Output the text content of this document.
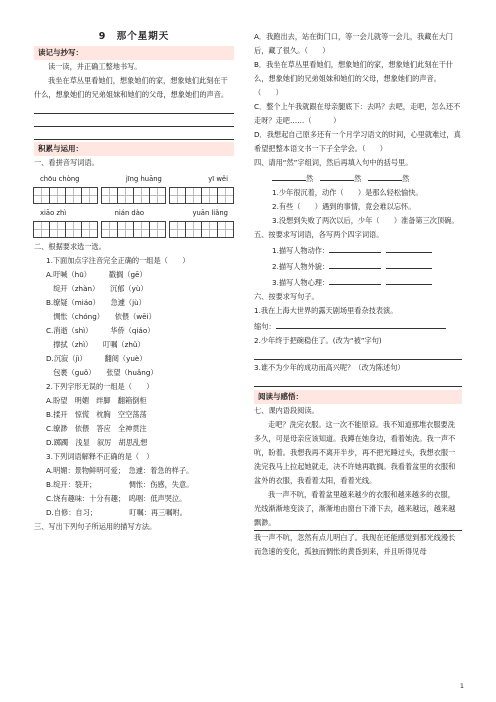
9　那个星期天
读记与抄写：
读一读，并正确工整地书写。
我坐在草丛里看她们，想象她们的家，想象她们此刻在干什么，想象她们的兄弟姐妹和她们的父母，想象她们的声音。
积累与运用：
一、看拼音写词语。
chōu chòng	jīng huāng	yī wěi
xiāo zhì	nián dào	yuān liǎng
二、根据要求选一选。
1.下面加点字注音完全正确的一组是（　　）
A.吁喊（hū）　　　戳搁（gē）
　绽开（zhàn）　　沉郁（yù）
B.缭疑（miáo）　　急遽（jù）
　惆怅（chóng）　　依偎（wēi）
C.消逝（shì）　　　华侨（qiáo）
　撑拭（zhì）　　叮嘱（zhǔ）
D.沉寂（jì）　　　翻阅（yuè）
　包裹（guǒ）　　张望（huǎng）
2.下列字形无误的一组是（　　）
A.盼望　明媚　绊脚　翻箱倒柜
B.揉开　惊慌　枕胸　空空荡荡
C.缭渺　依偎　答应　全神贯注
D.踯躅　浅显　叙厉　胡思乱想
3.下列词语解释不正确的是（　）
A.明媚：景物鲜明可爱；　急遽：着急的样子。
B.绽开：裂开；　　　　　惆怅：伤感，失意。
C.饶有趣味：十分有趣；　呜咽：低声哭泣。
D.自修：自习；　　　　　叮嘱：再三嘱咐。
三、写出下列句子所运用的描写方法。
A．我跑出去，站在街门口，等一会儿就等一会儿，我藏在大门后，藏了很久。（　　）
B．我坐在草丛里看她们，想象她们的家，想象她们此刻在干什么，想象她们的兄弟姐妹和她们的父母，想象她们的声音。（　　）
C．整个上午我就跟在母亲腿底下：去吗？去吧，走吧，怎么还不走呀？走吧……（　　　）
D．我想起自己原多还有一个月学习语文的时间，心里就难过，真希望把整本语文书一下子全学会。（　　）
四、请用“然”字组词，然后再填入句中的括号里。
然	然	然
1.少年很沉着，动作（　　）是那么轻松愉快。
2.有些（　　）遇到的事情，竟会难以忘怀。
3.没想到失败了两次以后，少年（　　）准备第三次顶碗。
五、按要求写词语，各写两个四字词语。
1.描写人物动作：
2.描写人物外貌：
3.描写人物心理：
六、按要求写句子。
1.我在上海大世界的露天剧场里看杂技表演。
缩句：
2.少年终于把碗稳住了。(改为“被”字句)
3.谁不为少年的成功而高兴呢？（改为陈述句）
阅读与感悟：
七、课内语段阅读。
走吧？洗完衣服。这一次不能原谅。我不知道那堆衣服要洗多久，可是母亲应该知道。我蹲在她身边，看着她洗。我一声不吭，盼着。我想我再不离开半步，再不把光睡过头，我想衣服一洗完我马上拉起她就走，决不许她再耽搁。我看着盆里的衣服和盆外的衣服，我看着太阳，看着光线。我一声不吭，看着盆里越来越少的衣服和越来越多的衣服，光线渐渐地变淡了，渐渐地由窗台下滑下去，越来越远，越来越飘渺。我一声不吭，忽然有点儿明白了。我现在还能感觉到那光线漫长而急速的变化，孤独而惆怅的黄昏到来，并且听得见母
1
